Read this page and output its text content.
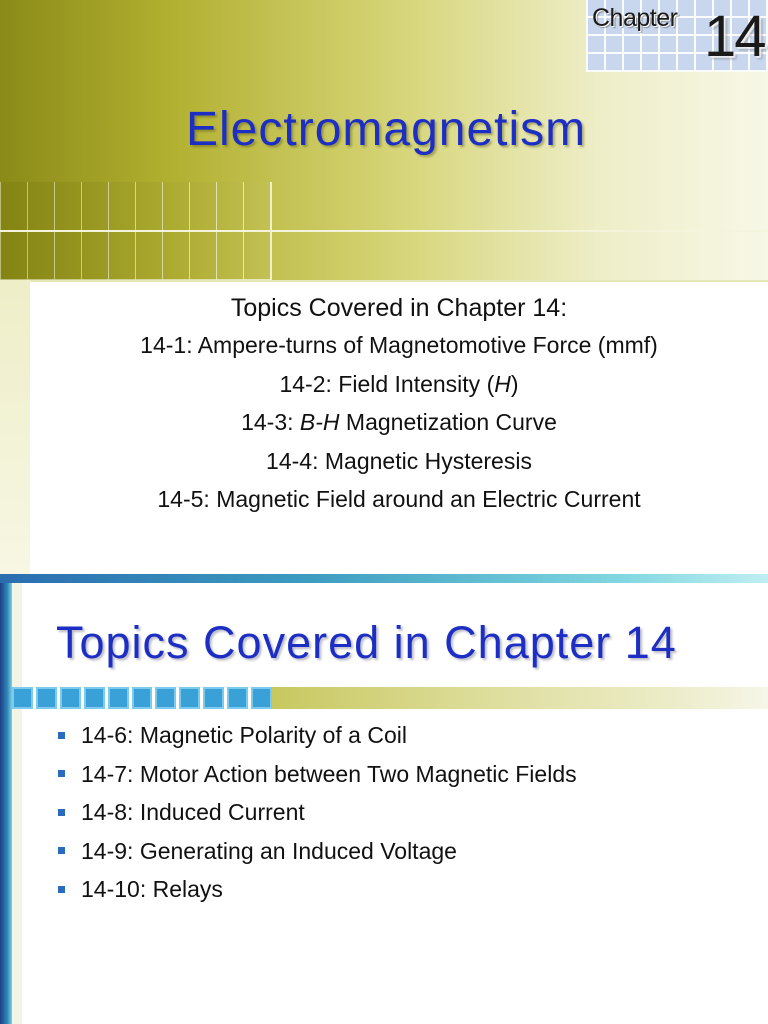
Chapter 14
Electromagnetism
Topics Covered in Chapter 14:
14-1: Ampere-turns of Magnetomotive Force (mmf)
14-2: Field Intensity (H)
14-3: B-H Magnetization Curve
14-4: Magnetic Hysteresis
14-5: Magnetic Field around an Electric Current
Topics Covered in Chapter 14
14-6: Magnetic Polarity of a Coil
14-7: Motor Action between Two Magnetic Fields
14-8: Induced Current
14-9: Generating an Induced Voltage
14-10: Relays
